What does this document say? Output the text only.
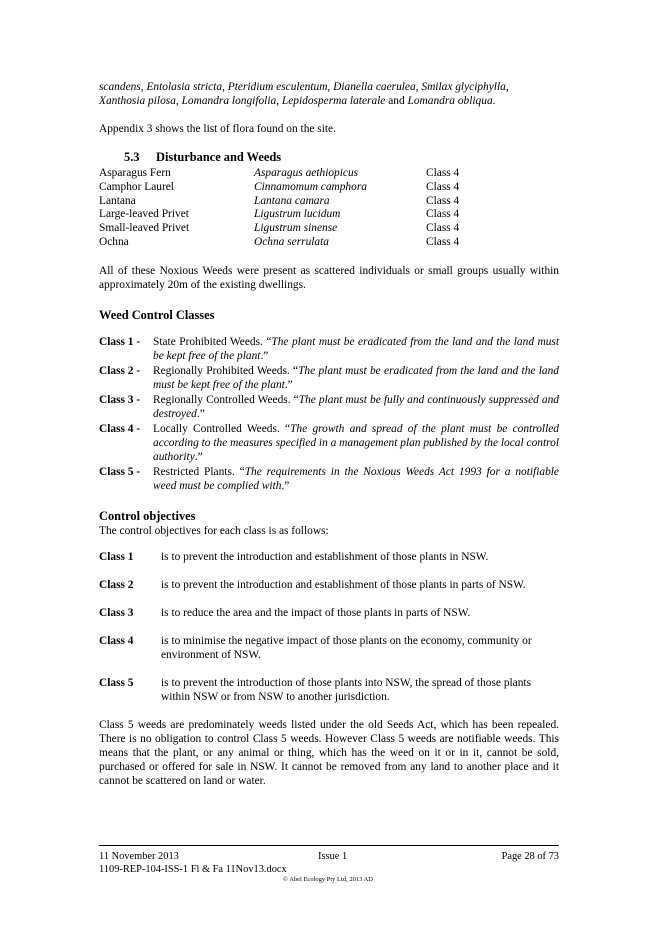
scandens, Entolasia stricta, Pteridium esculentum, Dianella caerulea, Smilax glyciphylla,
Xanthosia pilosa, Lomandra longifolia, Lepidosperma laterale and Lomandra obliqua.

Appendix 3 shows the list of flora found on the site.

5.3	Disturbance and Weeds
Asparagus Fern	Asparagus aethiopicus	Class 4
Camphor Laurel	Cinnamomum camphora	Class 4
Lantana	Lantana camara	Class 4
Large-leaved Privet	Ligustrum lucidum	Class 4
Small-leaved Privet	Ligustrum sinense	Class 4
Ochna	Ochna serrulata	Class 4

All of these Noxious Weeds were present as scattered individuals or small groups usually within approximately 20m of the existing dwellings.

Weed Control Classes
Class 1 -	State Prohibited Weeds. “The plant must be eradicated from the land and the land must be kept free of the plant.”
Class 2 -	Regionally Prohibited Weeds. “The plant must be eradicated from the land and the land must be kept free of the plant.”
Class 3 -	Regionally Controlled Weeds. “The plant must be fully and continuously suppressed and destroyed.”
Class 4 -	Locally Controlled Weeds. “The growth and spread of the plant must be controlled according to the measures specified in a management plan published by the local control authority.”
Class 5 -	Restricted Plants. “The requirements in the Noxious Weeds Act 1993 for a notifiable weed must be complied with.”
Control objectives

The control objectives for each class is as follows:

Class 1	is to prevent the introduction and establishment of those plants in NSW.
Class 2	is to prevent the introduction and establishment of those plants in parts of NSW.
Class 3	is to reduce the area and the impact of those plants in parts of NSW.
Class 4	is to minimise the negative impact of those plants on the economy, community or environment of NSW.
Class 5	is to prevent the introduction of those plants into NSW, the spread of those plants within NSW or from NSW to another jurisdiction.

Class 5 weeds are predominately weeds listed under the old Seeds Act, which has been repealed. There is no obligation to control Class 5 weeds. However Class 5 weeds are notifiable weeds. This means that the plant, or any animal or thing, which has the weed on it or in it, cannot be sold, purchased or offered for sale in NSW. It cannot be removed from any land to another place and it cannot be scattered on land or water.

11 November 2013	Page 28 of 73
Issue 1
1109-REP-104-ISS-1 Fl & Fa 11Nov13.docx
© Abel Ecology Pty Ltd, 2013 AD
